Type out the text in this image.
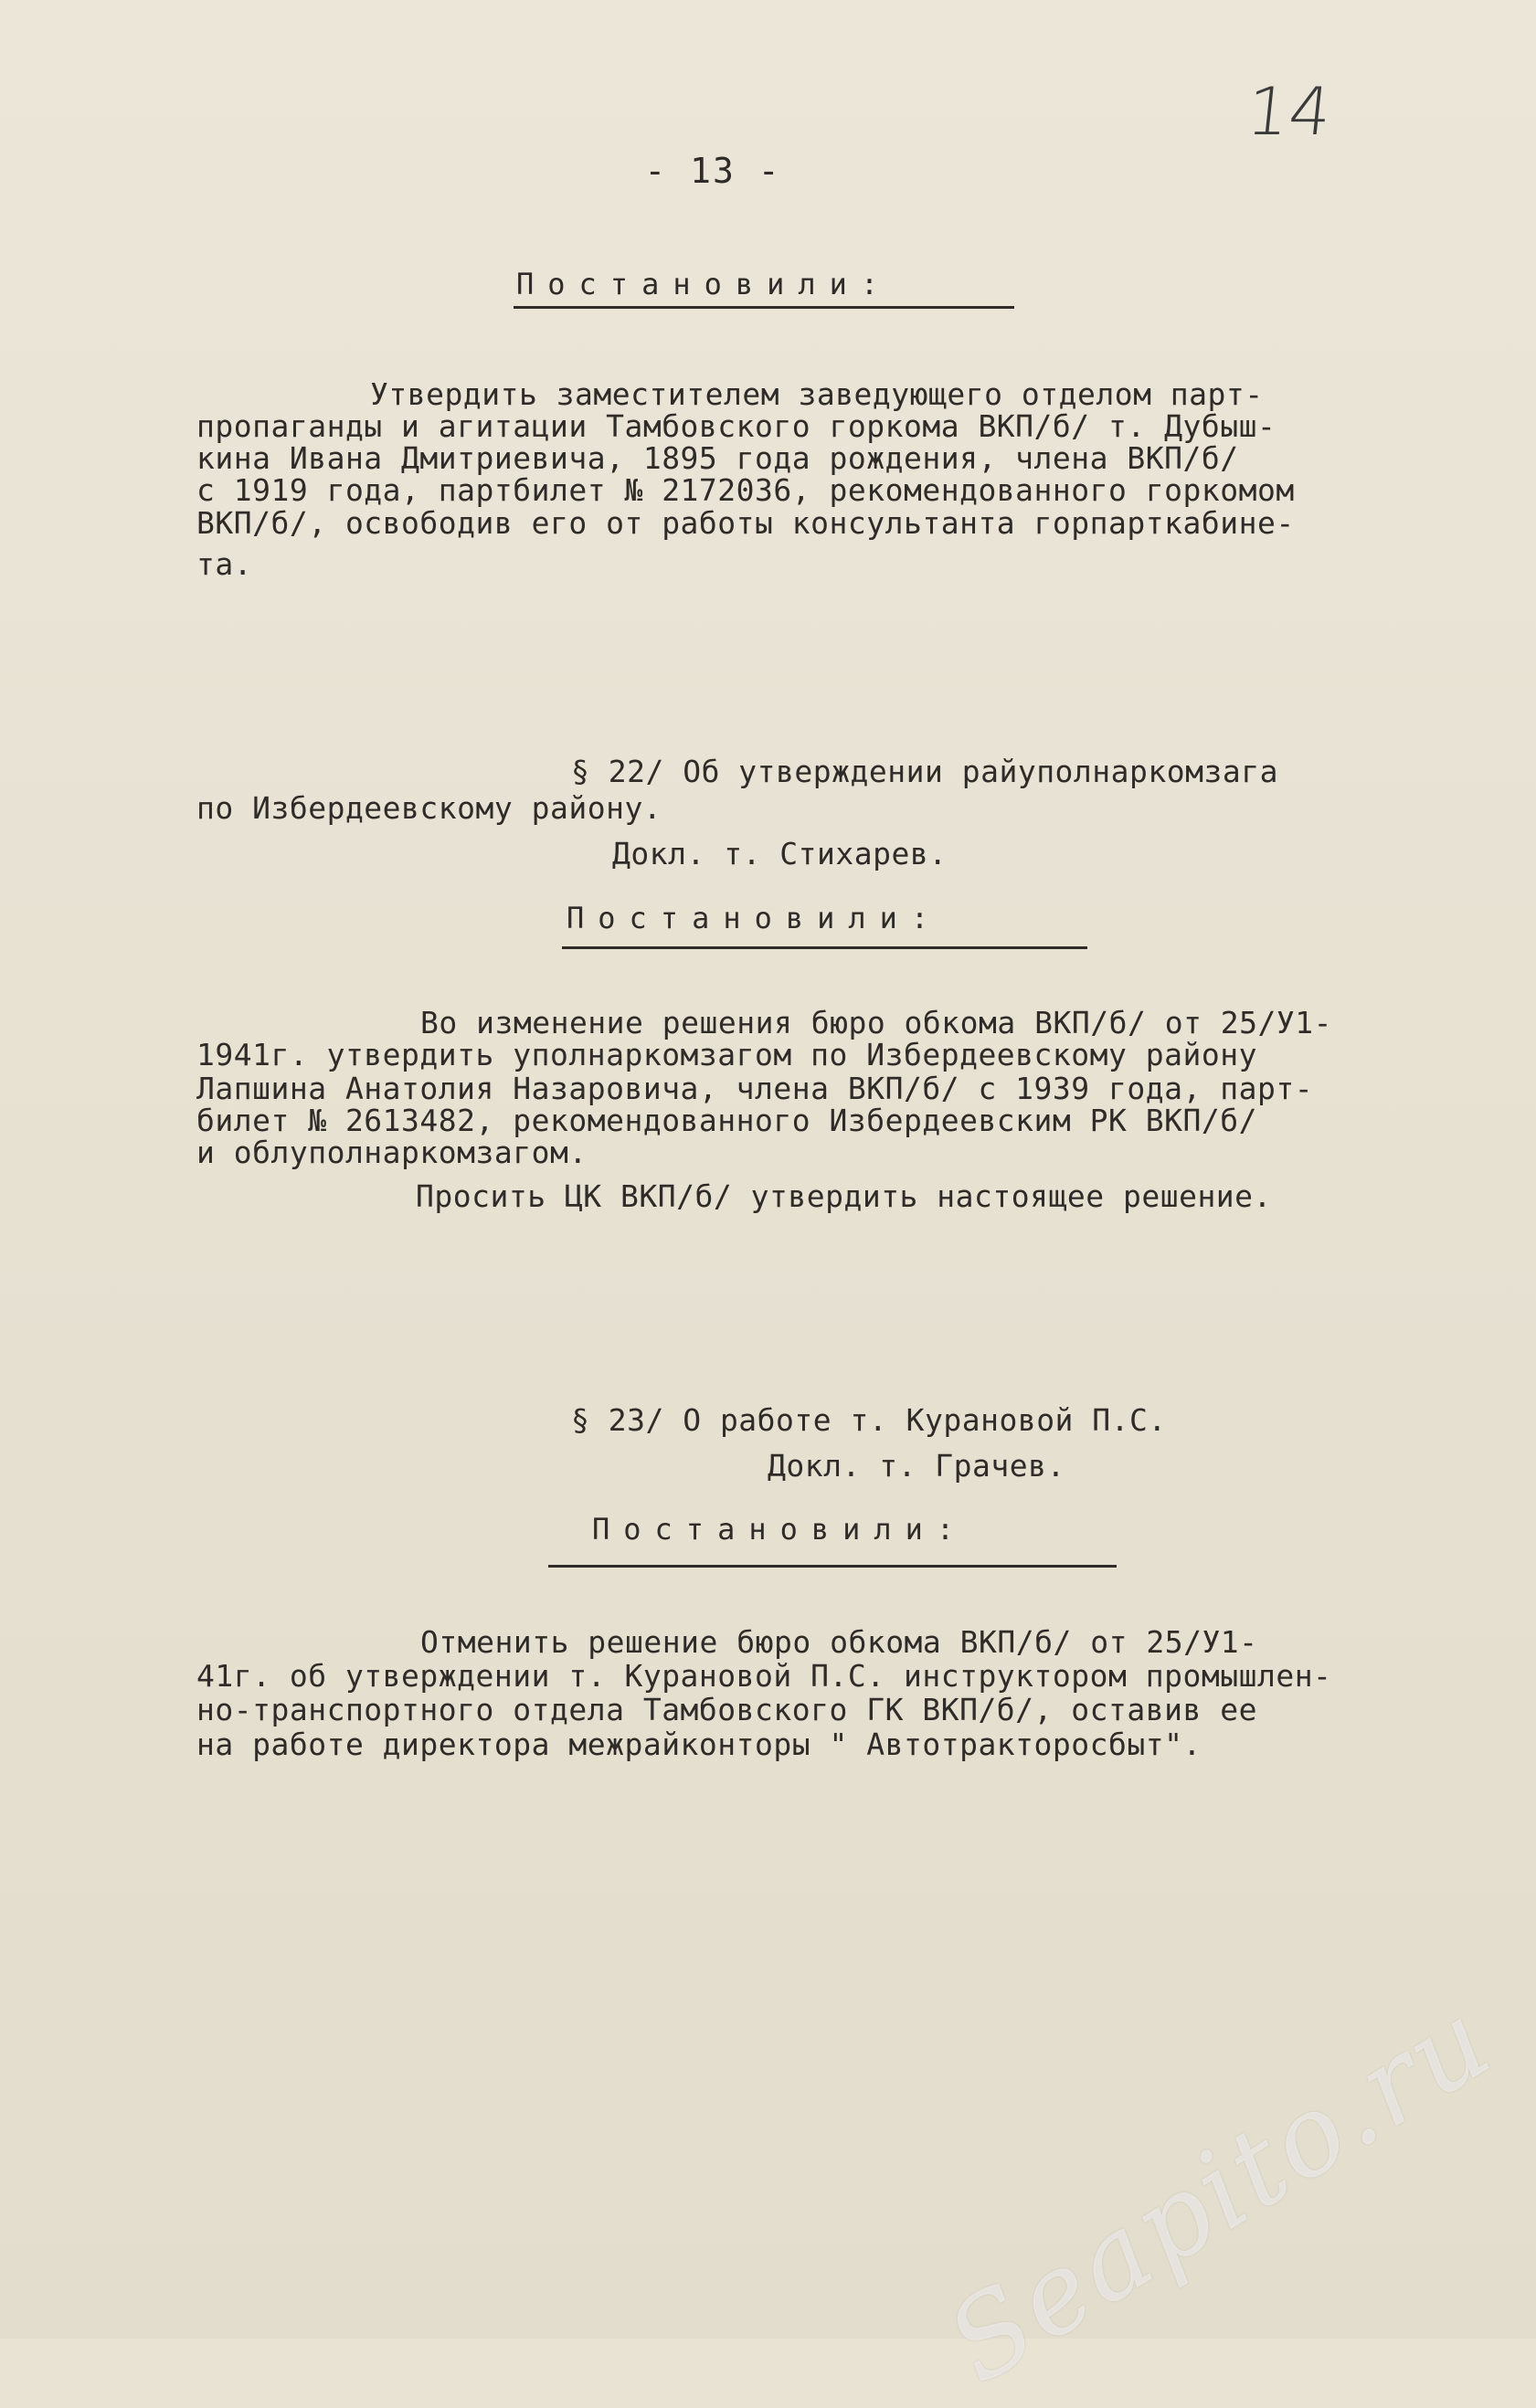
14
- 13 -
Постановили:
Утвердить заместителем заведующего отделом парт-
пропаганды и агитации Тамбовского горкома ВКП/б/ т. Дубыш-
кина Ивана Дмитриевича, 1895 года рождения, члена ВКП/б/
с 1919 года, партбилет № 2172036, рекомендованного горкомом
ВКП/б/, освободив его от работы консультанта горпарткабине-
та.
§ 22/ Об утверждении райуполнаркомзага
по Избердеевскому району.
Докл. т. Стихарев.
Постановили:
Во изменение решения бюро обкома ВКП/б/ от 25/У1-
1941г. утвердить уполнаркомзагом по Избердеевскому району
Лапшина Анатолия Назаровича, члена ВКП/б/ с 1939 года, парт-
билет № 2613482, рекомендованного Избердеевским РК ВКП/б/
и облуполнаркомзагом.
Просить ЦК ВКП/б/ утвердить настоящее решение.
§ 23/ О работе т. Курановой П.С.
Докл. т. Грачев.
Постановили:
Отменить решение бюро обкома ВКП/б/ от 25/У1-
41г. об утверждении т. Курановой П.С. инструктором промышлен-
но-транспортного отдела Тамбовского ГК ВКП/б/, оставив ее
на работе директора межрайконторы " Автотракторосбыт".
Seapito.ru
